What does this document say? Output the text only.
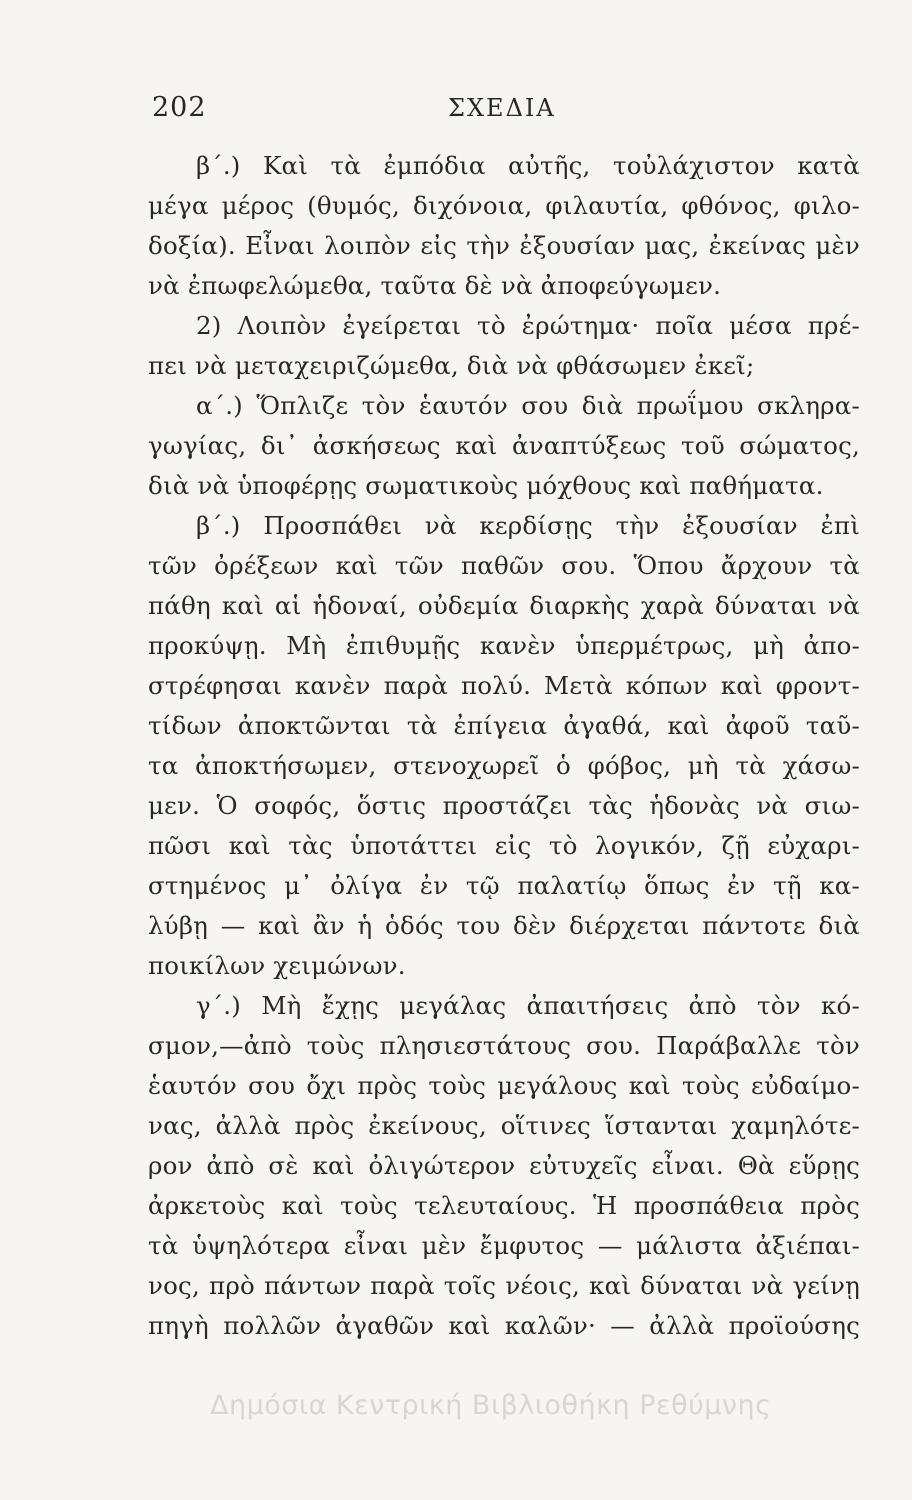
202	ΣΧΕΔΙΑ
β΄.) Καὶ τὰ ἐμπόδια αὐτῆς, τοὐλάχιστον κατὰ
μέγα μέρος (θυμός, διχόνοια, φιλαυτία, φθόνος, φιλο-
δοξία). Εἶναι λοιπὸν εἰς τὴν ἐξουσίαν μας, ἐκείνας μὲν
νὰ ἐπωφελώμεθα, ταῦτα δὲ νὰ ἀποφεύγωμεν.
2) Λοιπὸν ἐγείρεται τὸ ἐρώτημα· ποῖα μέσα πρέ-
πει νὰ μεταχειριζώμεθα, διὰ νὰ φθάσωμεν ἐκεῖ;
α΄.) Ὅπλιζε τὸν ἑαυτόν σου διὰ πρωΐμου σκληρα-
γωγίας, δι᾽ ἀσκήσεως καὶ ἀναπτύξεως τοῦ σώματος,
διὰ νὰ ὑποφέρῃς σωματικοὺς μόχθους καὶ παθήματα.
β΄.) Προσπάθει νὰ κερδίσῃς τὴν ἐξουσίαν ἐπὶ
τῶν ὀρέξεων καὶ τῶν παθῶν σου. Ὅπου ἄρχουν τὰ
πάθη καὶ αἱ ἡδοναί, οὐδεμία διαρκὴς χαρὰ δύναται νὰ
προκύψῃ. Μὴ ἐπιθυμῇς κανὲν ὑπερμέτρως, μὴ ἀπο-
στρέφησαι κανὲν παρὰ πολύ. Μετὰ κόπων καὶ φροντ-
τίδων ἀποκτῶνται τὰ ἐπίγεια ἀγαθά, καὶ ἀφοῦ ταῦ-
τα ἀποκτήσωμεν, στενοχωρεῖ ὁ φόβος, μὴ τὰ χάσω-
μεν. Ὁ σοφός, ὅστις προστάζει τὰς ἡδονὰς νὰ σιω-
πῶσι καὶ τὰς ὑποτάττει εἰς τὸ λογικόν, ζῇ εὐχαρι-
στημένος μ᾽ ὀλίγα ἐν τῷ παλατίῳ ὅπως ἐν τῇ κα-
λύβῃ — καὶ ἂν ἡ ὁδός του δὲν διέρχεται πάντοτε διὰ
ποικίλων χειμώνων.
γ΄.) Μὴ ἔχῃς μεγάλας ἀπαιτήσεις ἀπὸ τὸν κό-
σμον,—ἀπὸ τοὺς πλησιεστάτους σου. Παράβαλλε τὸν
ἑαυτόν σου ὄχι πρὸς τοὺς μεγάλους καὶ τοὺς εὐδαίμο-
νας, ἀλλὰ πρὸς ἐκείνους, οἵτινες ἵστανται χαμηλότε-
ρον ἀπὸ σὲ καὶ ὀλιγώτερον εὐτυχεῖς εἶναι. Θὰ εὕρῃς
ἀρκετοὺς καὶ τοὺς τελευταίους. Ἡ προσπάθεια πρὸς
τὰ ὑψηλότερα εἶναι μὲν ἔμφυτος — μάλιστα ἀξιέπαι-
νος, πρὸ πάντων παρὰ τοῖς νέοις, καὶ δύναται νὰ γείνῃ
πηγὴ πολλῶν ἀγαθῶν καὶ καλῶν· — ἀλλὰ προϊούσης
Δημόσια Κεντρική Βιβλιοθήκη Ρεθύμνης
